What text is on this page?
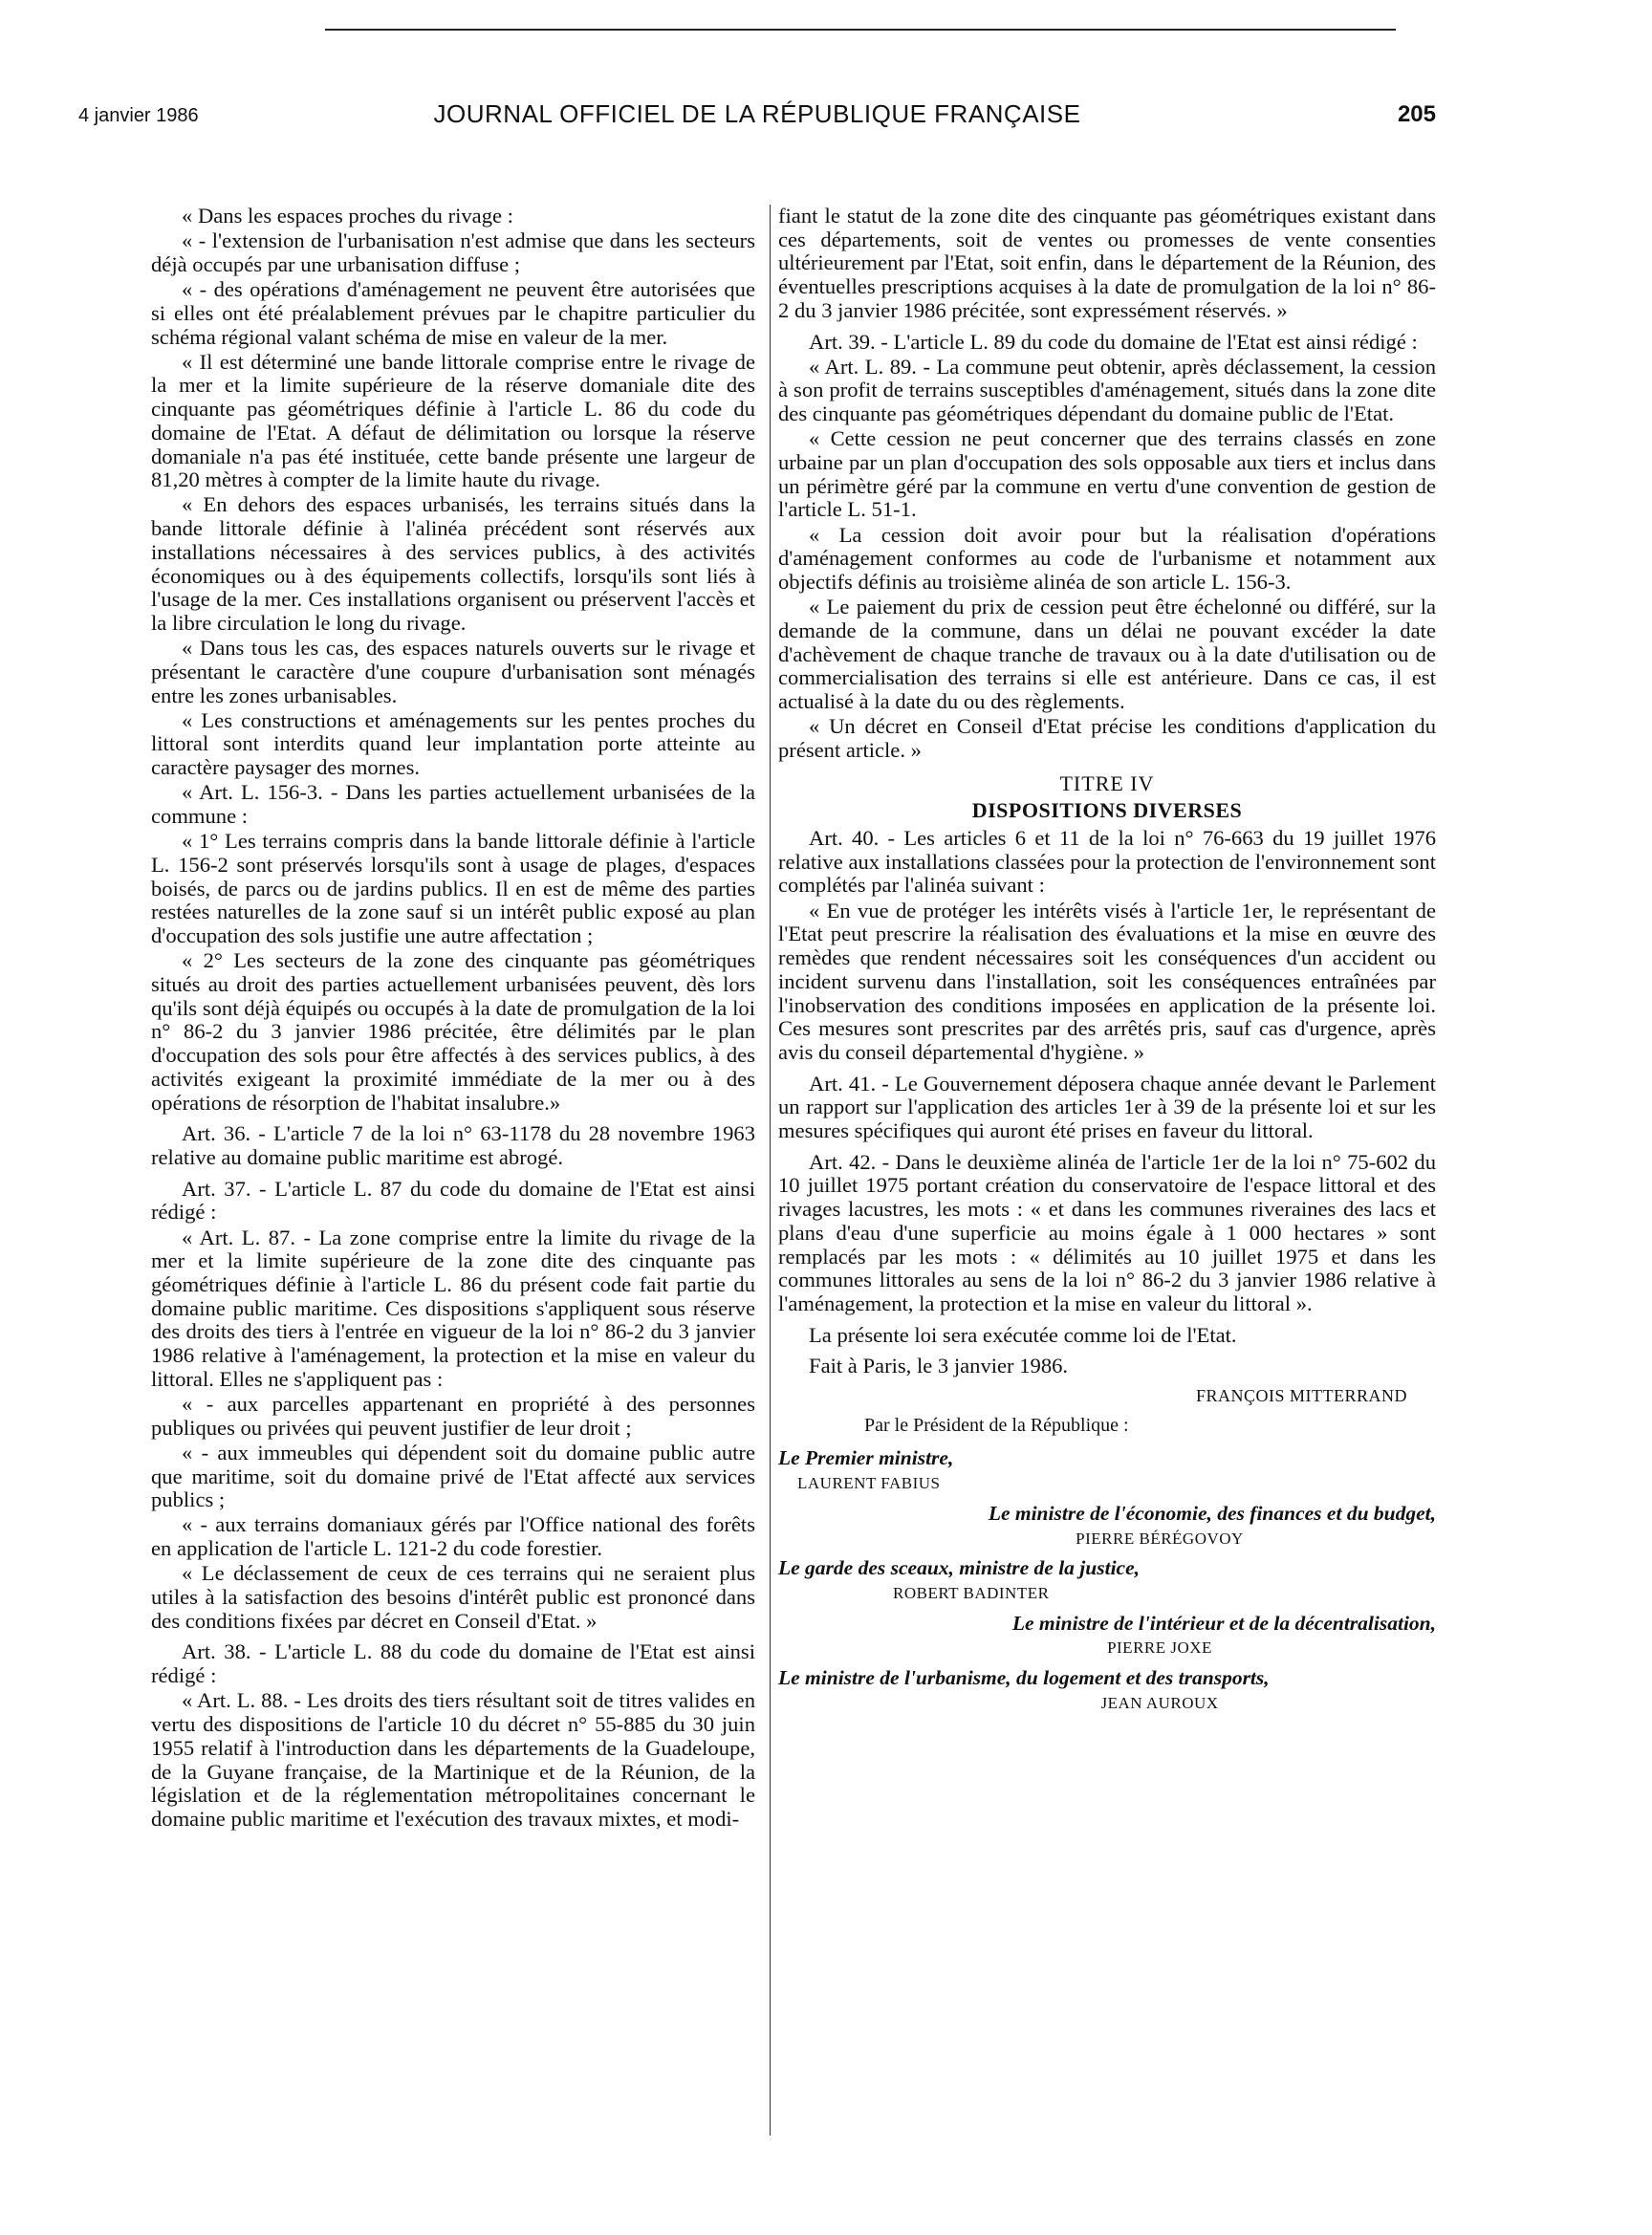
4 janvier 1986	JOURNAL OFFICIEL DE LA RÉPUBLIQUE FRANÇAISE	205

« Dans les espaces proches du rivage :

« - l'extension de l'urbanisation n'est admise que dans les secteurs déjà occupés par une urbanisation diffuse ;

« - des opérations d'aménagement ne peuvent être autorisées que si elles ont été préalablement prévues par le chapitre particulier du schéma régional valant schéma de mise en valeur de la mer.

« Il est déterminé une bande littorale comprise entre le rivage de la mer et la limite supérieure de la réserve domaniale dite des cinquante pas géométriques définie à l'article L. 86 du code du domaine de l'Etat. A défaut de délimitation ou lorsque la réserve domaniale n'a pas été instituée, cette bande présente une largeur de 81,20 mètres à compter de la limite haute du rivage.

« En dehors des espaces urbanisés, les terrains situés dans la bande littorale définie à l'alinéa précédent sont réservés aux installations nécessaires à des services publics, à des activités économiques ou à des équipements collectifs, lorsqu'ils sont liés à l'usage de la mer. Ces installations organisent ou préservent l'accès et la libre circulation le long du rivage.

« Dans tous les cas, des espaces naturels ouverts sur le rivage et présentant le caractère d'une coupure d'urbanisation sont ménagés entre les zones urbanisables.

« Les constructions et aménagements sur les pentes proches du littoral sont interdits quand leur implantation porte atteinte au caractère paysager des mornes.

« Art. L. 156-3. - Dans les parties actuellement urbanisées de la commune :

« 1° Les terrains compris dans la bande littorale définie à l'article L. 156-2 sont préservés lorsqu'ils sont à usage de plages, d'espaces boisés, de parcs ou de jardins publics. Il en est de même des parties restées naturelles de la zone sauf si un intérêt public exposé au plan d'occupation des sols justifie une autre affectation ;

« 2° Les secteurs de la zone des cinquante pas géométriques situés au droit des parties actuellement urbanisées peuvent, dès lors qu'ils sont déjà équipés ou occupés à la date de promulgation de la loi n° 86-2 du 3 janvier 1986 précitée, être délimités par le plan d'occupation des sols pour être affectés à des services publics, à des activités exigeant la proximité immédiate de la mer ou à des opérations de résorption de l'habitat insalubre.»

Art. 36. - L'article 7 de la loi n° 63-1178 du 28 novembre 1963 relative au domaine public maritime est abrogé.

Art. 37. - L'article L. 87 du code du domaine de l'Etat est ainsi rédigé :

« Art. L. 87. - La zone comprise entre la limite du rivage de la mer et la limite supérieure de la zone dite des cinquante pas géométriques définie à l'article L. 86 du présent code fait partie du domaine public maritime. Ces dispositions s'appliquent sous réserve des droits des tiers à l'entrée en vigueur de la loi n° 86-2 du 3 janvier 1986 relative à l'aménagement, la protection et la mise en valeur du littoral. Elles ne s'appliquent pas :

« - aux parcelles appartenant en propriété à des personnes publiques ou privées qui peuvent justifier de leur droit ;

« - aux immeubles qui dépendent soit du domaine public autre que maritime, soit du domaine privé de l'Etat affecté aux services publics ;

« - aux terrains domaniaux gérés par l'Office national des forêts en application de l'article L. 121-2 du code forestier.

« Le déclassement de ceux de ces terrains qui ne seraient plus utiles à la satisfaction des besoins d'intérêt public est prononcé dans des conditions fixées par décret en Conseil d'Etat. »

Art. 38. - L'article L. 88 du code du domaine de l'Etat est ainsi rédigé :

« Art. L. 88. - Les droits des tiers résultant soit de titres valides en vertu des dispositions de l'article 10 du décret n° 55-885 du 30 juin 1955 relatif à l'introduction dans les départements de la Guadeloupe, de la Guyane française, de la Martinique et de la Réunion, de la législation et de la réglementation métropolitaines concernant le domaine public maritime et l'exécution des travaux mixtes, et modi-

fiant le statut de la zone dite des cinquante pas géométriques existant dans ces départements, soit de ventes ou promesses de vente consenties ultérieurement par l'Etat, soit enfin, dans le département de la Réunion, des éventuelles prescriptions acquises à la date de promulgation de la loi n° 86-2 du 3 janvier 1986 précitée, sont expressément réservés. »

Art. 39. - L'article L. 89 du code du domaine de l'Etat est ainsi rédigé :

« Art. L. 89. - La commune peut obtenir, après déclassement, la cession à son profit de terrains susceptibles d'aménagement, situés dans la zone dite des cinquante pas géométriques dépendant du domaine public de l'Etat.

« Cette cession ne peut concerner que des terrains classés en zone urbaine par un plan d'occupation des sols opposable aux tiers et inclus dans un périmètre géré par la commune en vertu d'une convention de gestion de l'article L. 51-1.

« La cession doit avoir pour but la réalisation d'opérations d'aménagement conformes au code de l'urbanisme et notamment aux objectifs définis au troisième alinéa de son article L. 156-3.

« Le paiement du prix de cession peut être échelonné ou différé, sur la demande de la commune, dans un délai ne pouvant excéder la date d'achèvement de chaque tranche de travaux ou à la date d'utilisation ou de commercialisation des terrains si elle est antérieure. Dans ce cas, il est actualisé à la date du ou des règlements.

« Un décret en Conseil d'Etat précise les conditions d'application du présent article. »

TITRE IV
DISPOSITIONS DIVERSES

Art. 40. - Les articles 6 et 11 de la loi n° 76-663 du 19 juillet 1976 relative aux installations classées pour la protection de l'environnement sont complétés par l'alinéa suivant :

« En vue de protéger les intérêts visés à l'article 1er, le représentant de l'Etat peut prescrire la réalisation des évaluations et la mise en œuvre des remèdes que rendent nécessaires soit les conséquences d'un accident ou incident survenu dans l'installation, soit les conséquences entraînées par l'inobservation des conditions imposées en application de la présente loi. Ces mesures sont prescrites par des arrêtés pris, sauf cas d'urgence, après avis du conseil départemental d'hygiène. »

Art. 41. - Le Gouvernement déposera chaque année devant le Parlement un rapport sur l'application des articles 1er à 39 de la présente loi et sur les mesures spécifiques qui auront été prises en faveur du littoral.

Art. 42. - Dans le deuxième alinéa de l'article 1er de la loi n° 75-602 du 10 juillet 1975 portant création du conservatoire de l'espace littoral et des rivages lacustres, les mots : « et dans les communes riveraines des lacs et plans d'eau d'une superficie au moins égale à 1 000 hectares » sont remplacés par les mots : « délimités au 10 juillet 1975 et dans les communes littorales au sens de la loi n° 86-2 du 3 janvier 1986 relative à l'aménagement, la protection et la mise en valeur du littoral ».

La présente loi sera exécutée comme loi de l'Etat.

Fait à Paris, le 3 janvier 1986.

FRANÇOIS MITTERRAND
Par le Président de la République :
Le Premier ministre,
LAURENT FABIUS
Le ministre de l'économie, des finances et du budget,
PIERRE BÉRÉGOVOY
Le garde des sceaux, ministre de la justice,
ROBERT BADINTER
Le ministre de l'intérieur et de la décentralisation,
PIERRE JOXE
Le ministre de l'urbanisme, du logement et des transports,
JEAN AUROUX
